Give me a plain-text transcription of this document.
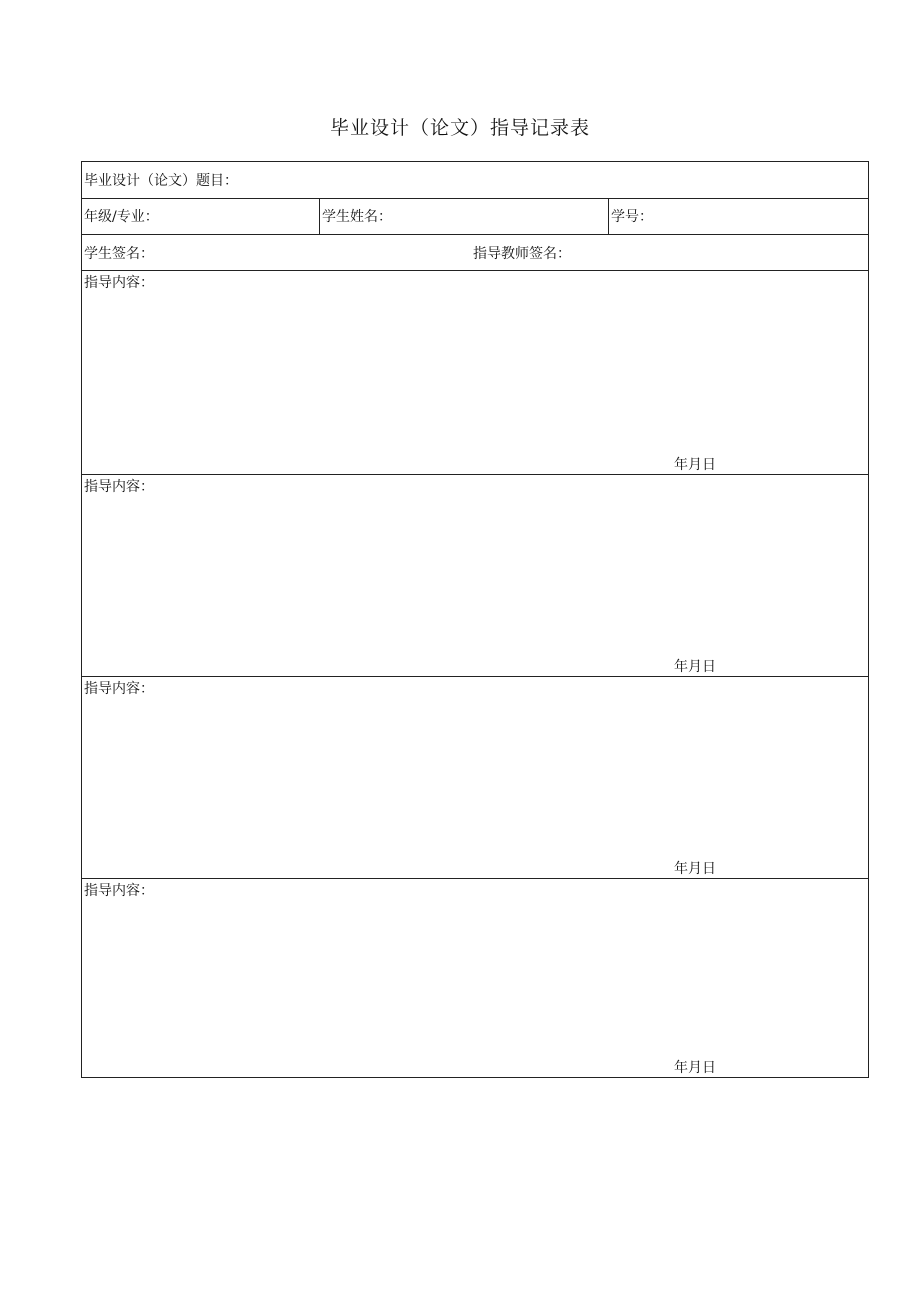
毕业设计（论文）指导记录表
毕业设计（论文）题目：
年级/专业：	学生姓名：	学号：
学生签名：	指导教师签名：
指导内容：
年月日
指导内容：
年月日
指导内容：
年月日
指导内容：
年月日
